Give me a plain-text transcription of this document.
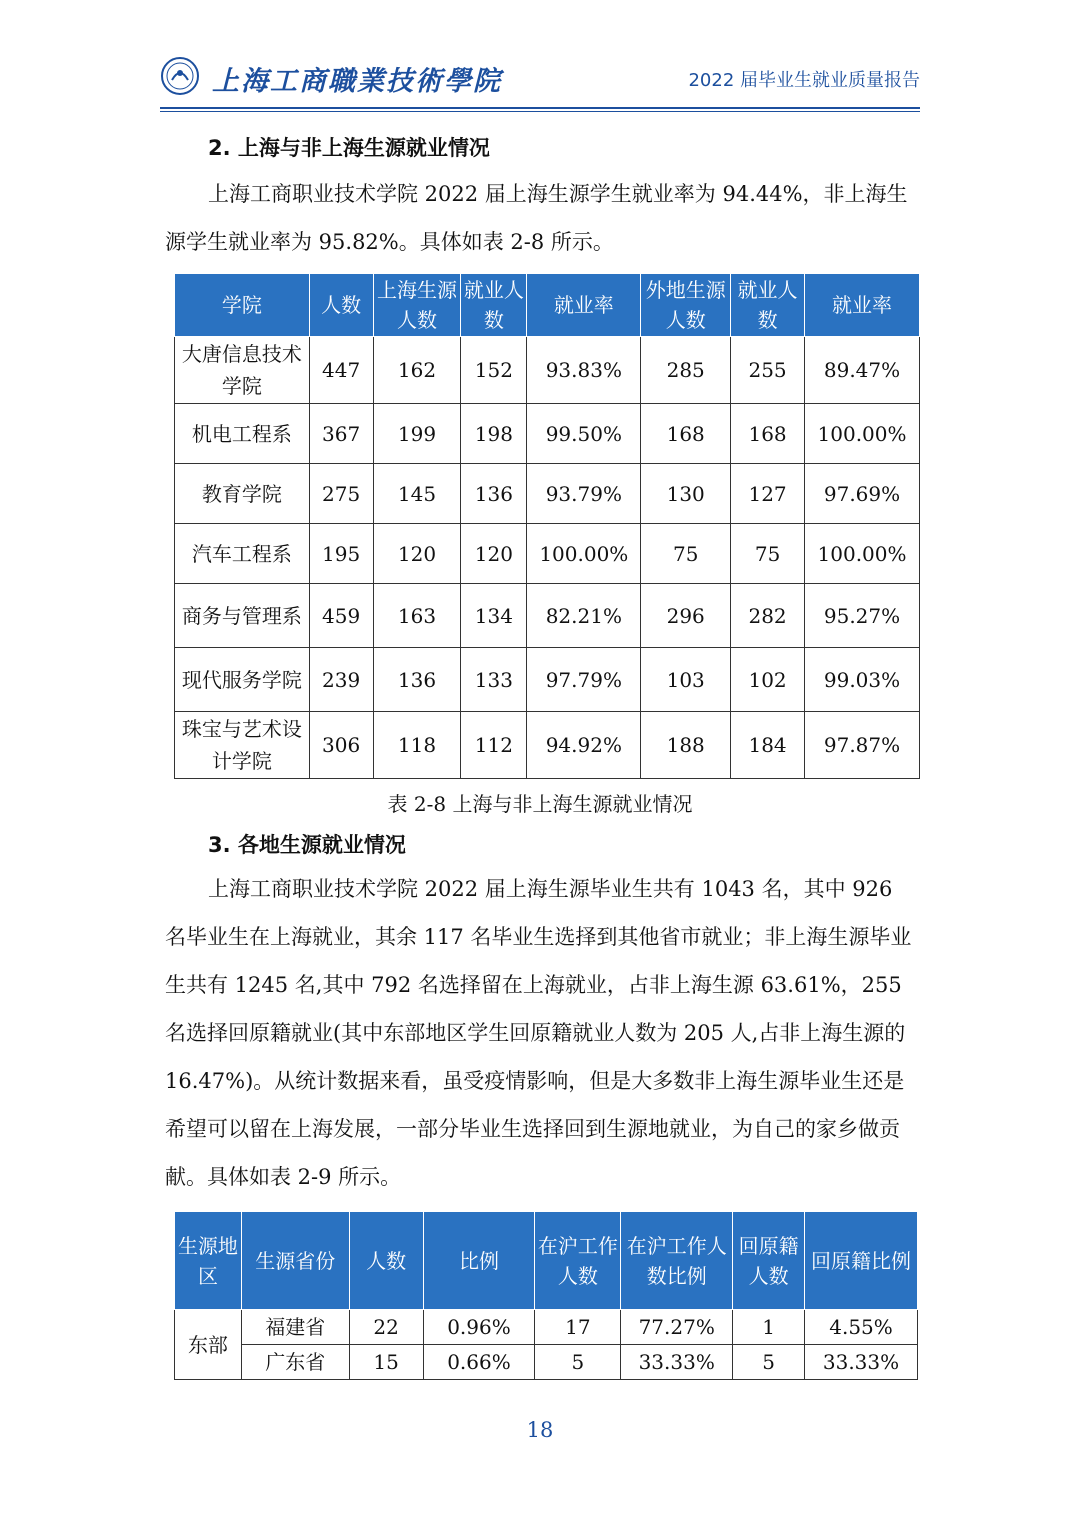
上海工商職業技術學院	2022 届毕业生就业质量报告
2. 上海与非上海生源就业情况
上海工商职业技术学院 2022 届上海生源学生就业率为 94.44%，非上海生源学生就业率为 95.82%。具体如表 2-8 所示。
学院	人数	上海生源人数	就业人数	就业率	外地生源人数	就业人数	就业率
大唐信息技术学院	447	162	152	93.83%	285	255	89.47%
机电工程系	367	199	198	99.50%	168	168	100.00%
教育学院	275	145	136	93.79%	130	127	97.69%
汽车工程系	195	120	120	100.00%	75	75	100.00%
商务与管理系	459	163	134	82.21%	296	282	95.27%
现代服务学院	239	136	133	97.79%	103	102	99.03%
珠宝与艺术设计学院	306	118	112	94.92%	188	184	97.87%
表 2-8 上海与非上海生源就业情况
3. 各地生源就业情况
上海工商职业技术学院 2022 届上海生源毕业生共有 1043 名，其中 926 名毕业生在上海就业，其余 117 名毕业生选择到其他省市就业；非上海生源毕业生共有 1245 名,其中 792 名选择留在上海就业，占非上海生源 63.61%，255 名选择回原籍就业(其中东部地区学生回原籍就业人数为 205 人,占非上海生源的 16.47%)。从统计数据来看，虽受疫情影响，但是大多数非上海生源毕业生还是希望可以留在上海发展，一部分毕业生选择回到生源地就业，为自己的家乡做贡献。具体如表 2-9 所示。
生源地区	生源省份	人数	比例	在沪工作人数	在沪工作人数比例	回原籍人数	回原籍比例
东部	福建省	22	0.96%	17	77.27%	1	4.55%
	广东省	15	0.66%	5	33.33%	5	33.33%
18
